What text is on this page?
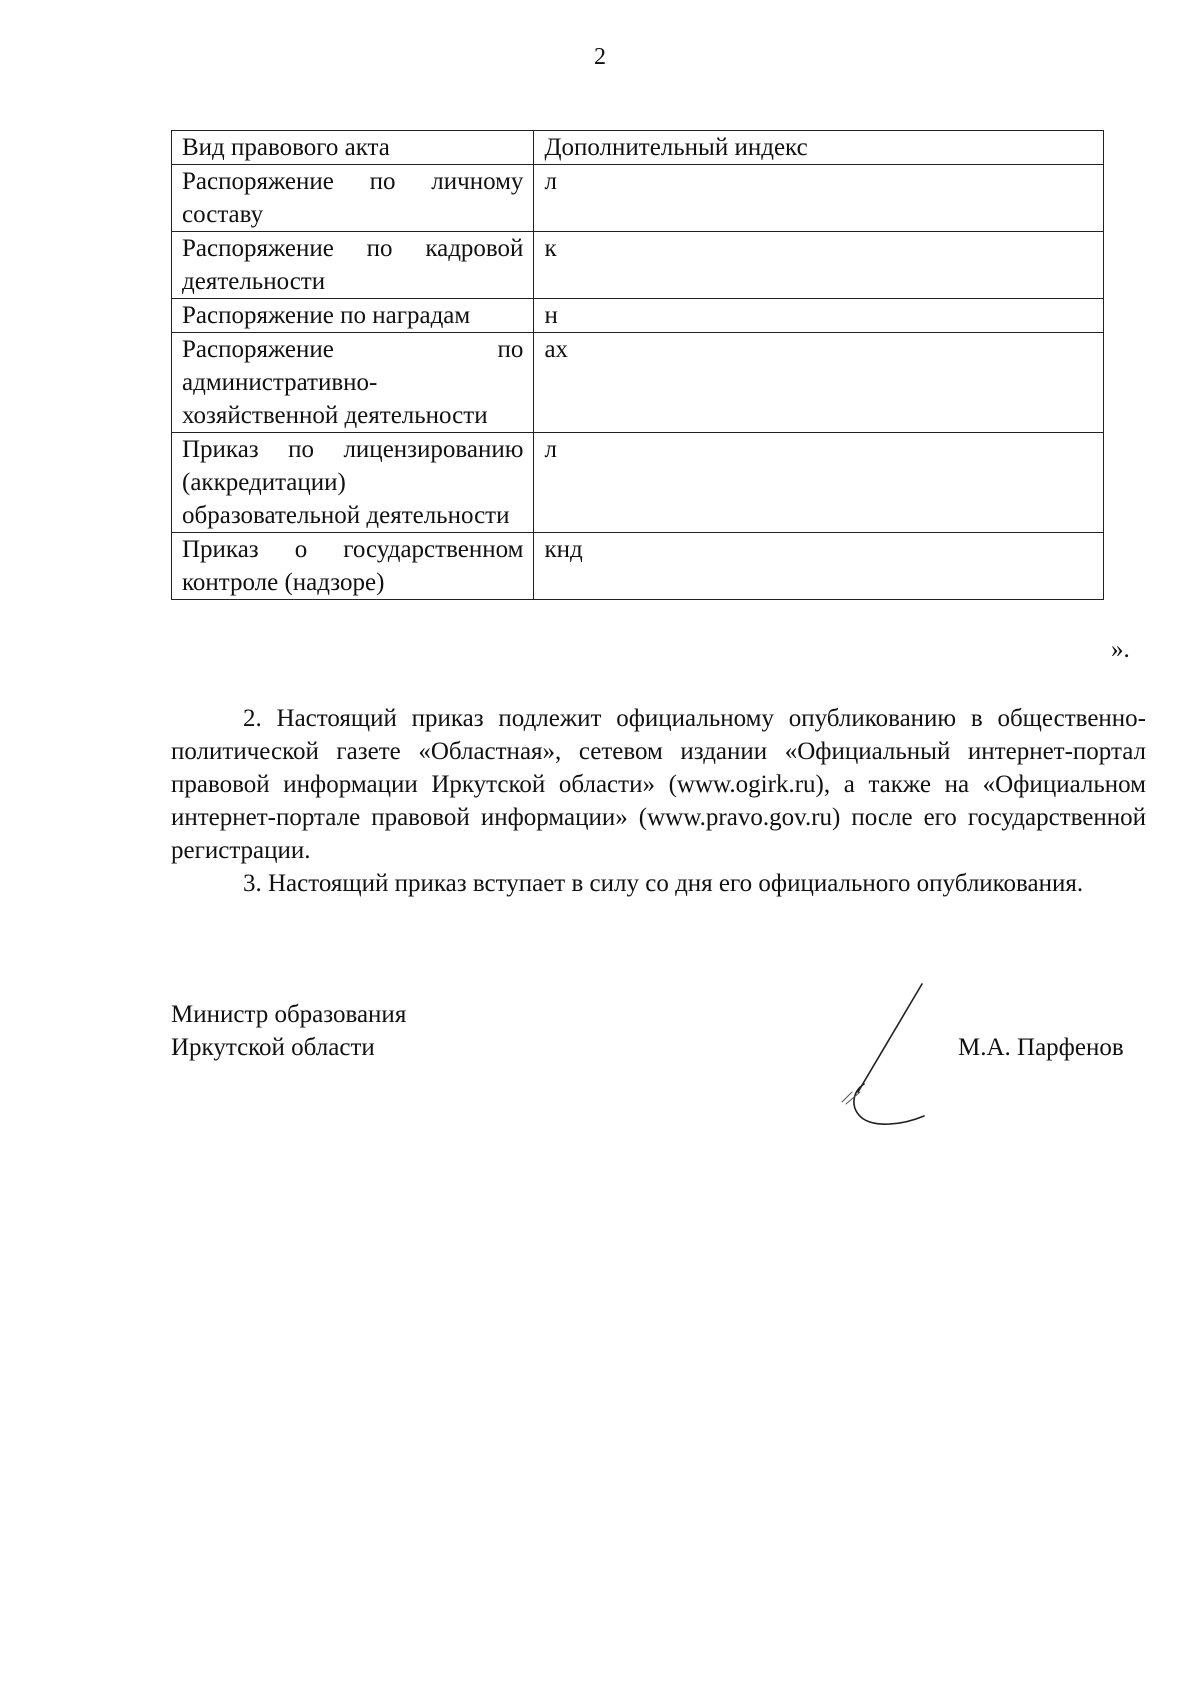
2
Вид правового акта	Дополнительный индекс
Распоряжение по личному составу	л
Распоряжение по кадровой деятельности	к
Распоряжение по наградам	н
Распоряжение по административно-хозяйственной деятельности	ах
Приказ по лицензированию (аккредитации) образовательной деятельности	л
Приказ о государственном контроле (надзоре)	кнд
».

2. Настоящий приказ подлежит официальному опубликованию в общественно-политической газете «Областная», сетевом издании «Официальный интернет-портал правовой информации Иркутской области» (www.ogirk.ru), а также на «Официальном интернет-портале правовой информации» (www.pravo.gov.ru) после его государственной регистрации.

3. Настоящий приказ вступает в силу со дня его официального опубликования.

Министр образования
Иркутской области	М.А. Парфенов
